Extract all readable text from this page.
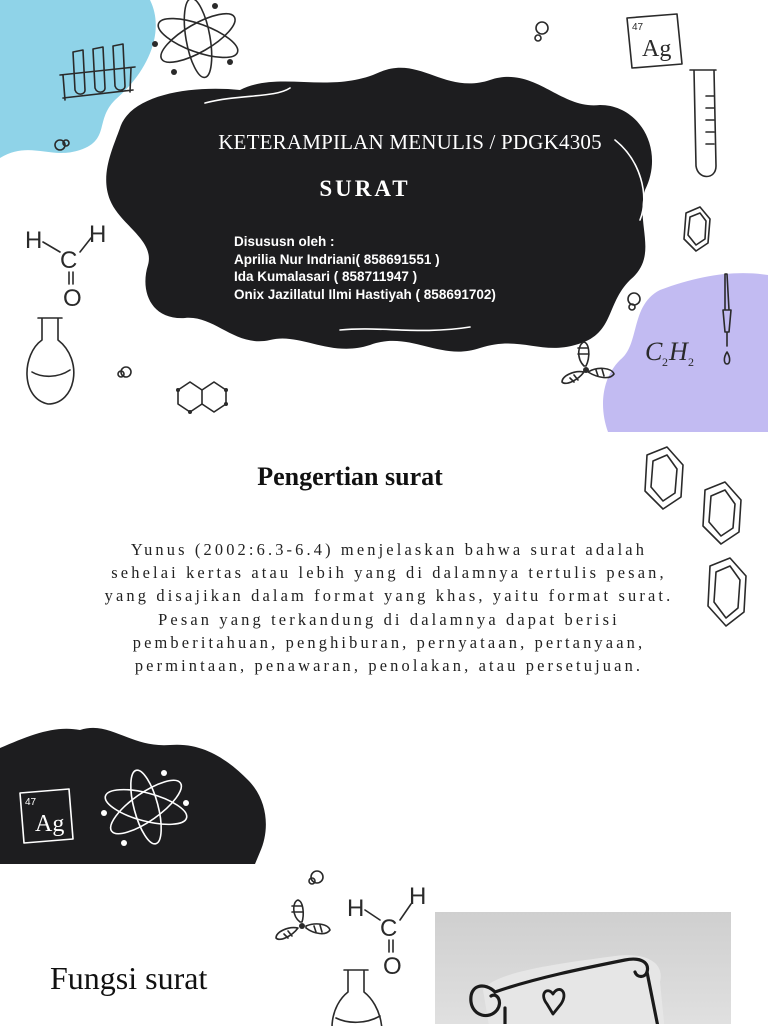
47
Ag
H
C
H
O
C 2 H 2
KETERAMPILAN MENULIS / PDGK4305
SURAT
Disususn oleh :
Aprilia Nur Indriani( 858691551 )
Ida Kumalasari ( 858711947 )
Onix Jazillatul Ilmi Hastiyah ( 858691702)
Pengertian surat
Yunus (2002:6.3-6.4) menjelaskan bahwa surat adalah sehelai kertas atau lebih yang di dalamnya tertulis pesan, yang disajikan dalam format yang khas, yaitu format surat. Pesan yang terkandung di dalamnya dapat berisi pemberitahuan, penghiburan, pernyataan, pertanyaan, permintaan, penawaran, penolakan, atau persetujuan.
47
Ag
H
C
H
O
Fungsi surat
